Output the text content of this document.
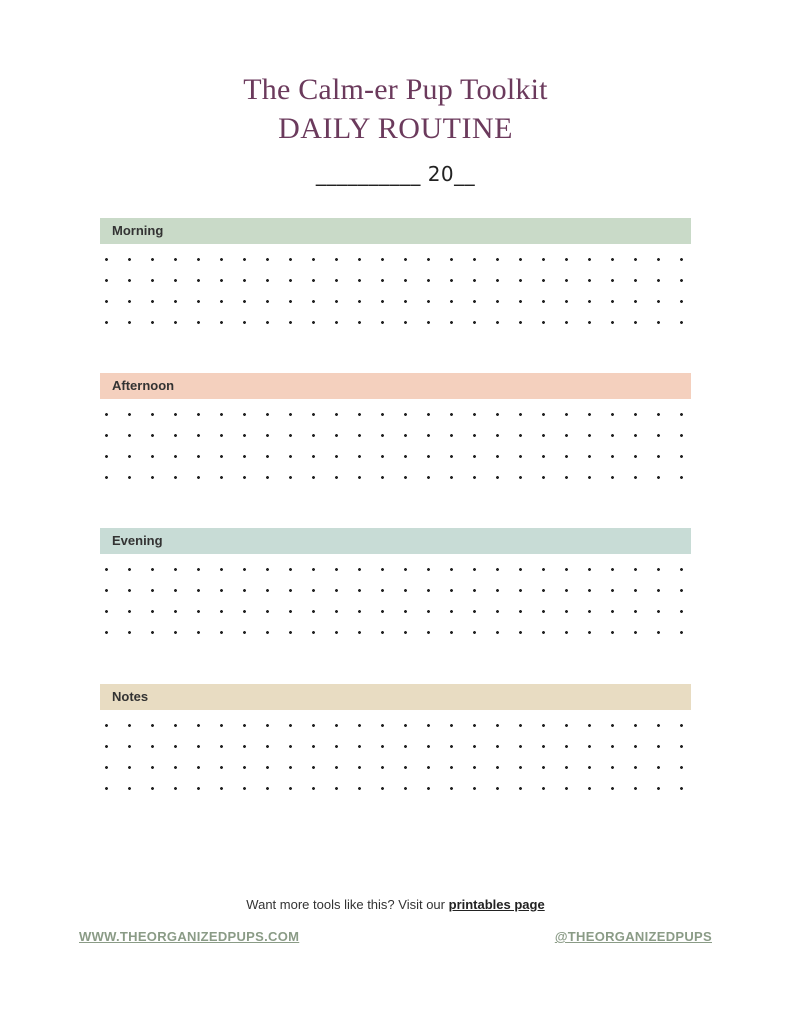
The Calm-er Pup Toolkit
DAILY ROUTINE
__________ 20__
Morning
Afternoon
Evening
Notes
Want more tools like this? Visit our printables page
WWW.THEORGANIZEDPUPS.COM	@THEORGANIZEDPUPS
